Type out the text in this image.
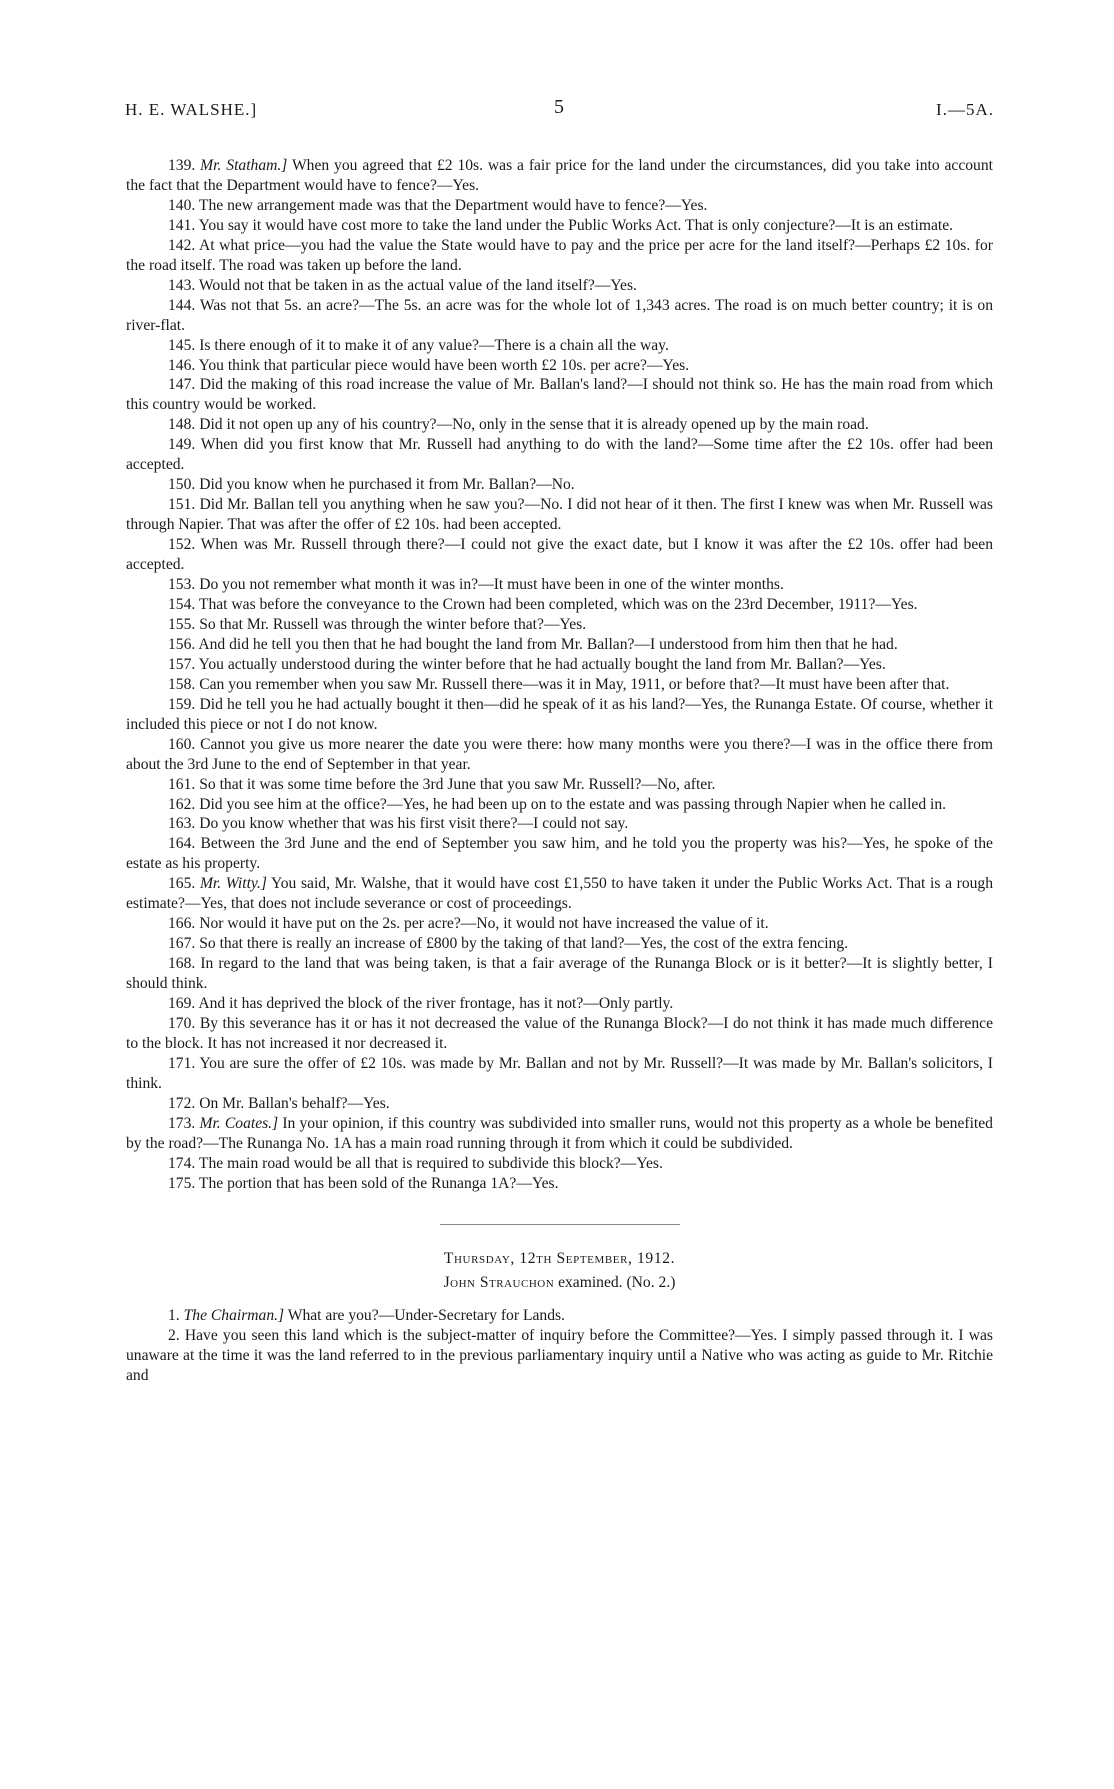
H. E. WALSHE.]	5	I.—5A.

139. Mr. Statham.] When you agreed that £2 10s. was a fair price for the land under the circumstances, did you take into account the fact that the Department would have to fence?—Yes.

140. The new arrangement made was that the Department would have to fence?—Yes.

141. You say it would have cost more to take the land under the Public Works Act. That is only conjecture?—It is an estimate.

142. At what price—you had the value the State would have to pay and the price per acre for the land itself?—Perhaps £2 10s. for the road itself. The road was taken up before the land.

143. Would not that be taken in as the actual value of the land itself?—Yes.

144. Was not that 5s. an acre?—The 5s. an acre was for the whole lot of 1,343 acres. The road is on much better country; it is on river-flat.

145. Is there enough of it to make it of any value?—There is a chain all the way.

146. You think that particular piece would have been worth £2 10s. per acre?—Yes.

147. Did the making of this road increase the value of Mr. Ballan's land?—I should not think so. He has the main road from which this country would be worked.

148. Did it not open up any of his country?—No, only in the sense that it is already opened up by the main road.

149. When did you first know that Mr. Russell had anything to do with the land?—Some time after the £2 10s. offer had been accepted.

150. Did you know when he purchased it from Mr. Ballan?—No.

151. Did Mr. Ballan tell you anything when he saw you?—No. I did not hear of it then. The first I knew was when Mr. Russell was through Napier. That was after the offer of £2 10s. had been accepted.

152. When was Mr. Russell through there?—I could not give the exact date, but I know it was after the £2 10s. offer had been accepted.

153. Do you not remember what month it was in?—It must have been in one of the winter months.

154. That was before the conveyance to the Crown had been completed, which was on the 23rd December, 1911?—Yes.

155. So that Mr. Russell was through the winter before that?—Yes.

156. And did he tell you then that he had bought the land from Mr. Ballan?—I understood from him then that he had.

157. You actually understood during the winter before that he had actually bought the land from Mr. Ballan?—Yes.

158. Can you remember when you saw Mr. Russell there—was it in May, 1911, or before that?—It must have been after that.

159. Did he tell you he had actually bought it then—did he speak of it as his land?—Yes, the Runanga Estate. Of course, whether it included this piece or not I do not know.

160. Cannot you give us more nearer the date you were there: how many months were you there?—I was in the office there from about the 3rd June to the end of September in that year.

161. So that it was some time before the 3rd June that you saw Mr. Russell?—No, after.

162. Did you see him at the office?—Yes, he had been up on to the estate and was passing through Napier when he called in.

163. Do you know whether that was his first visit there?—I could not say.

164. Between the 3rd June and the end of September you saw him, and he told you the property was his?—Yes, he spoke of the estate as his property.

165. Mr. Witty.] You said, Mr. Walshe, that it would have cost £1,550 to have taken it under the Public Works Act. That is a rough estimate?—Yes, that does not include severance or cost of proceedings.

166. Nor would it have put on the 2s. per acre?—No, it would not have increased the value of it.

167. So that there is really an increase of £800 by the taking of that land?—Yes, the cost of the extra fencing.

168. In regard to the land that was being taken, is that a fair average of the Runanga Block or is it better?—It is slightly better, I should think.

169. And it has deprived the block of the river frontage, has it not?—Only partly.

170. By this severance has it or has it not decreased the value of the Runanga Block?—I do not think it has made much difference to the block. It has not increased it nor decreased it.

171. You are sure the offer of £2 10s. was made by Mr. Ballan and not by Mr. Russell?—It was made by Mr. Ballan's solicitors, I think.

172. On Mr. Ballan's behalf?—Yes.

173. Mr. Coates.] In your opinion, if this country was subdivided into smaller runs, would not this property as a whole be benefited by the road?—The Runanga No. 1A has a main road running through it from which it could be subdivided.

174. The main road would be all that is required to subdivide this block?—Yes.

175. The portion that has been sold of the Runanga 1A?—Yes.

Thursday, 12th September, 1912.

John Strauchon examined. (No. 2.)

1. The Chairman.] What are you?—Under-Secretary for Lands.

2. Have you seen this land which is the subject-matter of inquiry before the Committee?—Yes. I simply passed through it. I was unaware at the time it was the land referred to in the previous parliamentary inquiry until a Native who was acting as guide to Mr. Ritchie and
